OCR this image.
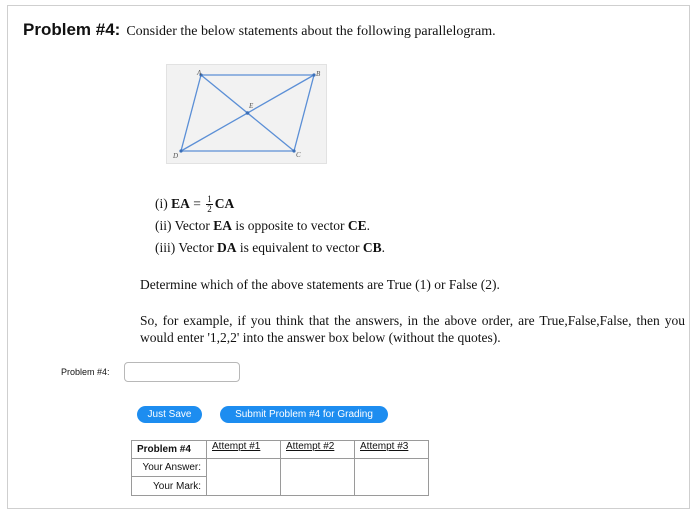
Problem #4: Consider the below statements about the following parallelogram.
A	B
C
D
E
(i) EA = $\frac{1}{2}$ CA
(ii) Vector EA is opposite to vector CE.
(iii) Vector DA is equivalent to vector CB.
Determine which of the above statements are True (1) or False (2).
So, for example, if you think that the answers, in the above order, are True,False,False, then you would enter '1,2,2' into the answer box below (without the quotes).
Problem #4:
Just Save	Submit Problem #4 for Grading
Problem #4	Attempt #1	Attempt #2	Attempt #3
Your Answer:			
Your Mark:			
